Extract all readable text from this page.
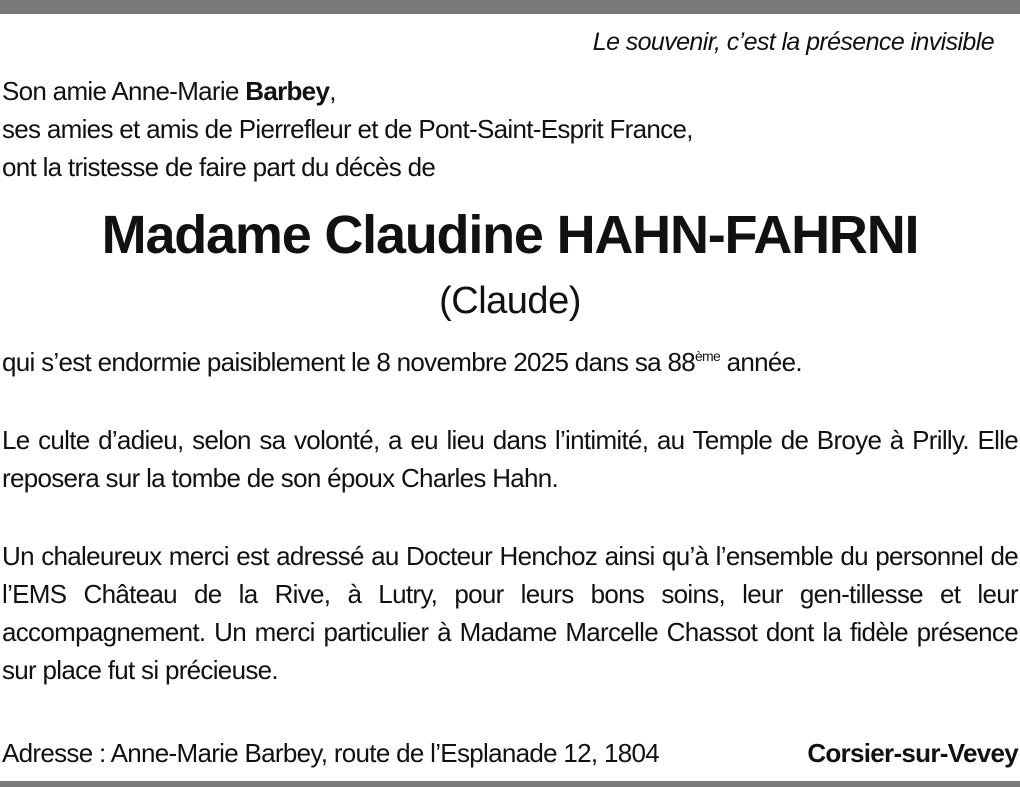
Le souvenir, c’est la présence invisible
Son amie Anne-Marie Barbey,
ses amies et amis de Pierrefleur et de Pont-Saint-Esprit France,
ont la tristesse de faire part du décès de
Madame Claudine HAHN-FAHRNI
(Claude)
qui s’est endormie paisiblement le 8 novembre 2025 dans sa 88ème année.

Le culte d’adieu, selon sa volonté, a eu lieu dans l’intimité, au Temple de Broye à Prilly. Elle reposera sur la tombe de son époux Charles Hahn.

Un chaleureux merci est adressé au Docteur Henchoz ainsi qu’à l’ensemble du personnel de l’EMS Château de la Rive, à Lutry, pour leurs bons soins, leur gen-tillesse et leur accompagnement. Un merci particulier à Madame Marcelle Chassot dont la fidèle présence sur place fut si précieuse.

Adresse : Anne-Marie Barbey, route de l’Esplanade 12, 1804	Corsier-sur-Vevey
